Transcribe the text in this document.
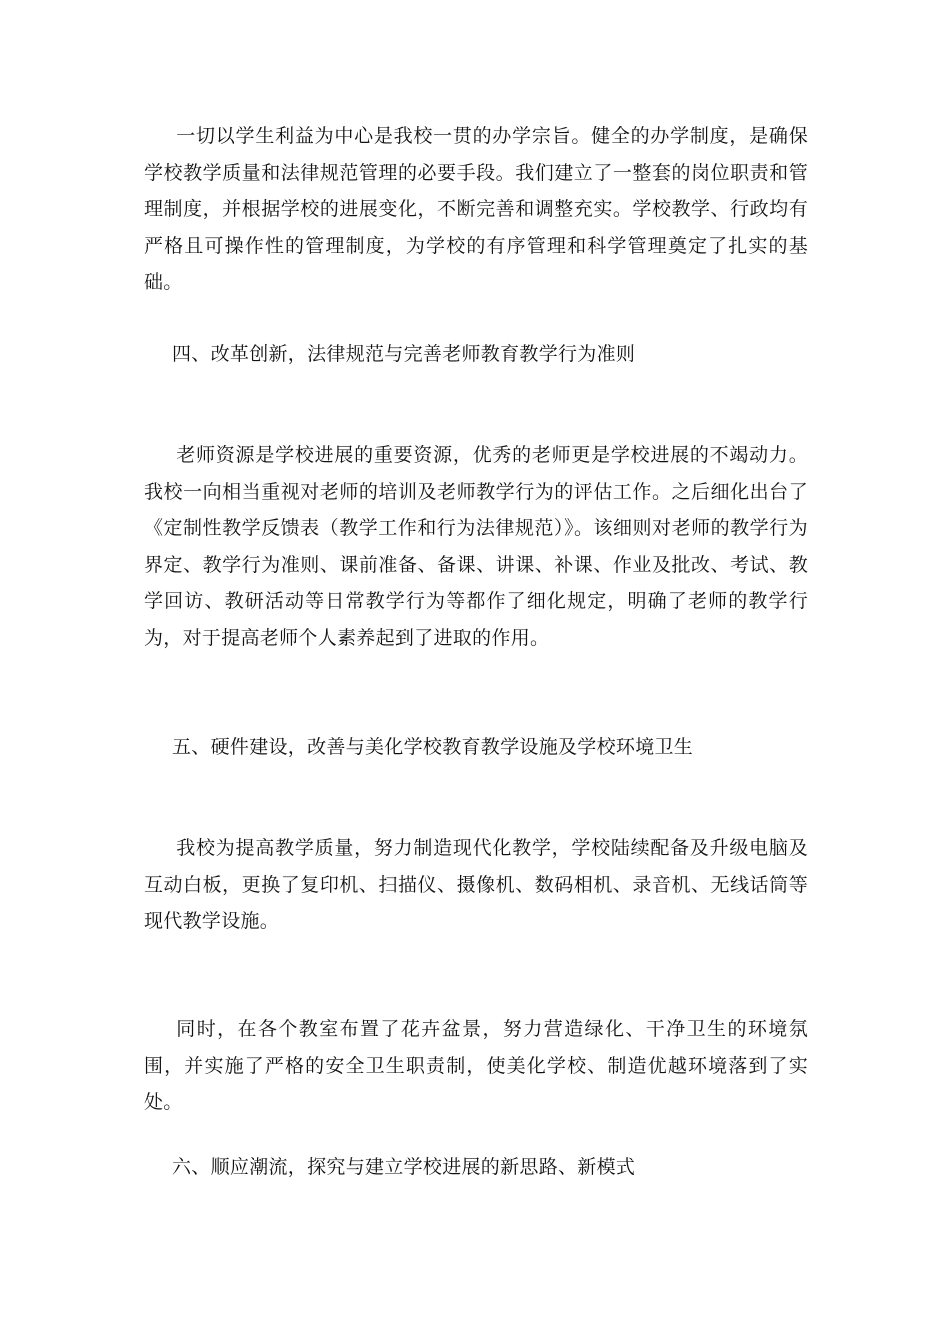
一切以学生利益为中心是我校一贯的办学宗旨。健全的办学制度，是确保学校教学质量和法律规范管理的必要手段。我们建立了一整套的岗位职责和管理制度，并根据学校的进展变化，不断完善和调整充实。学校教学、行政均有严格且可操作性的管理制度，为学校的有序管理和科学管理奠定了扎实的基础。

四、改革创新，法律规范与完善老师教育教学行为准则

老师资源是学校进展的重要资源，优秀的老师更是学校进展的不竭动力。我校一向相当重视对老师的培训及老师教学行为的评估工作。之后细化出台了《定制性教学反馈表（教学工作和行为法律规范）》。该细则对老师的教学行为界定、教学行为准则、课前准备、备课、讲课、补课、作业及批改、考试、教学回访、教研活动等日常教学行为等都作了细化规定，明确了老师的教学行为，对于提高老师个人素养起到了进取的作用。

五、硬件建设，改善与美化学校教育教学设施及学校环境卫生

我校为提高教学质量，努力制造现代化教学，学校陆续配备及升级电脑及互动白板，更换了复印机、扫描仪、摄像机、数码相机、录音机、无线话筒等现代教学设施。

同时，在各个教室布置了花卉盆景，努力营造绿化、干净卫生的环境氛围，并实施了严格的安全卫生职责制，使美化学校、制造优越环境落到了实处。

六、顺应潮流，探究与建立学校进展的新思路、新模式
